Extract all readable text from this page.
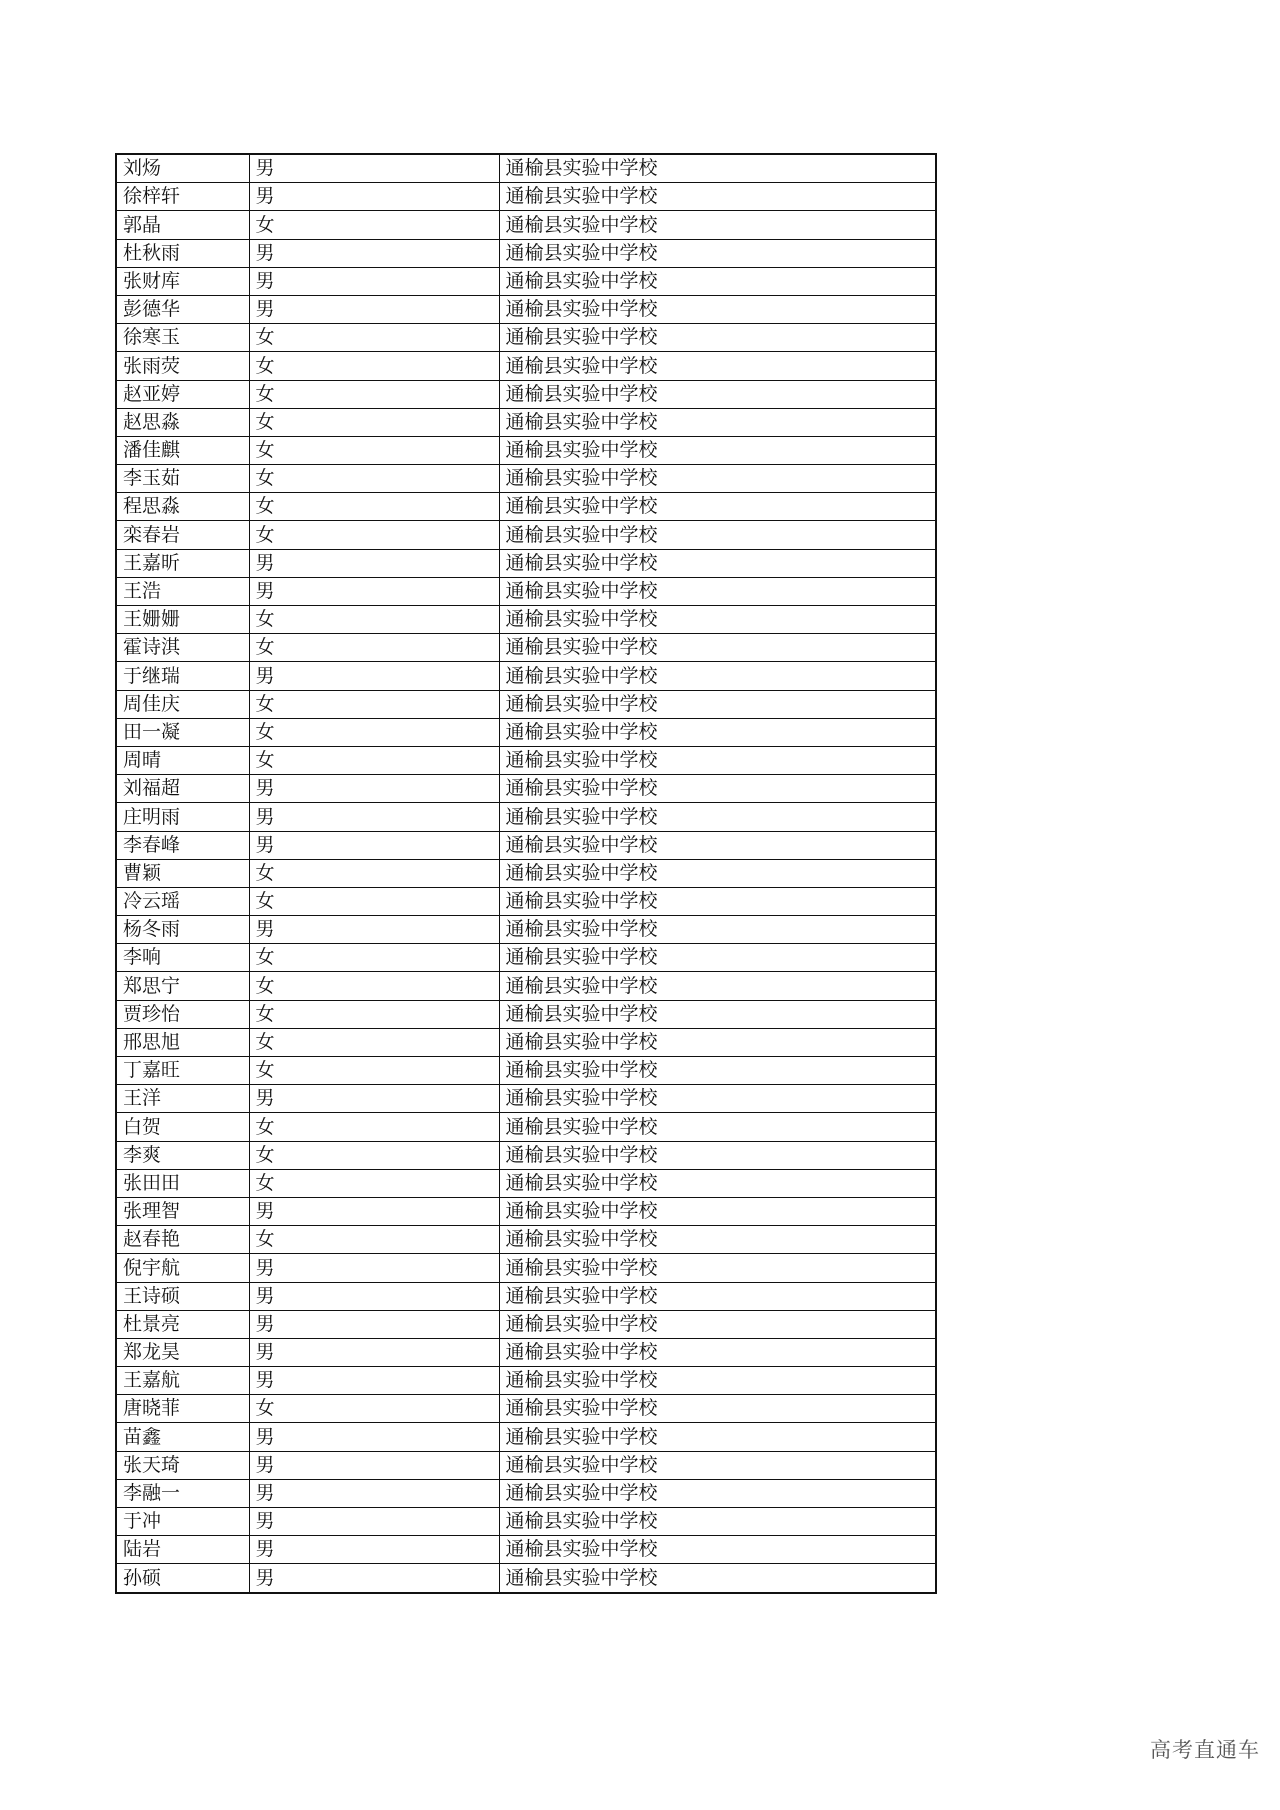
刘炀	男	通榆县实验中学校
徐梓轩	男	通榆县实验中学校
郭晶	女	通榆县实验中学校
杜秋雨	男	通榆县实验中学校
张财库	男	通榆县实验中学校
彭德华	男	通榆县实验中学校
徐寒玉	女	通榆县实验中学校
张雨荧	女	通榆县实验中学校
赵亚婷	女	通榆县实验中学校
赵思淼	女	通榆县实验中学校
潘佳麒	女	通榆县实验中学校
李玉茹	女	通榆县实验中学校
程思淼	女	通榆县实验中学校
栾春岩	女	通榆县实验中学校
王嘉昕	男	通榆县实验中学校
王浩	男	通榆县实验中学校
王姗姗	女	通榆县实验中学校
霍诗淇	女	通榆县实验中学校
于继瑞	男	通榆县实验中学校
周佳庆	女	通榆县实验中学校
田一凝	女	通榆县实验中学校
周晴	女	通榆县实验中学校
刘福超	男	通榆县实验中学校
庄明雨	男	通榆县实验中学校
李春峰	男	通榆县实验中学校
曹颖	女	通榆县实验中学校
冷云瑶	女	通榆县实验中学校
杨冬雨	男	通榆县实验中学校
李响	女	通榆县实验中学校
郑思宁	女	通榆县实验中学校
贾珍怡	女	通榆县实验中学校
邢思旭	女	通榆县实验中学校
丁嘉旺	女	通榆县实验中学校
王洋	男	通榆县实验中学校
白贺	女	通榆县实验中学校
李爽	女	通榆县实验中学校
张田田	女	通榆县实验中学校
张理智	男	通榆县实验中学校
赵春艳	女	通榆县实验中学校
倪宇航	男	通榆县实验中学校
王诗硕	男	通榆县实验中学校
杜景亮	男	通榆县实验中学校
郑龙昊	男	通榆县实验中学校
王嘉航	男	通榆县实验中学校
唐晓菲	女	通榆县实验中学校
苗鑫	男	通榆县实验中学校
张天琦	男	通榆县实验中学校
李融一	男	通榆县实验中学校
于冲	男	通榆县实验中学校
陆岩	男	通榆县实验中学校
孙硕	男	通榆县实验中学校
高考直通车
